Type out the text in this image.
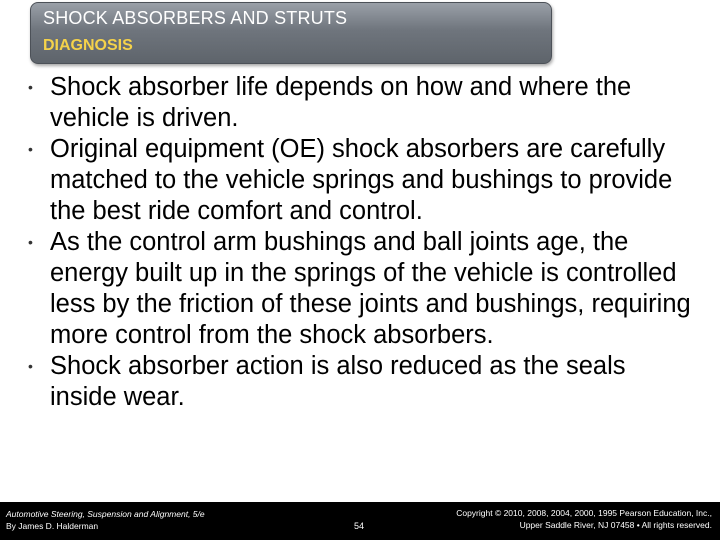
SHOCK ABSORBERS AND STRUTS
DIAGNOSIS
• Shock absorber life depends on how and where the vehicle is driven.
• Original equipment (OE) shock absorbers are carefully matched to the vehicle springs and bushings to provide the best ride comfort and control.
• As the control arm bushings and ball joints age, the energy built up in the springs of the vehicle is controlled less by the friction of these joints and bushings, requiring more control from the shock absorbers.
• Shock absorber action is also reduced as the seals inside wear.
Automotive Steering, Suspension and Alignment, 5/e
By James D. Halderman	54
Copyright © 2010, 2008, 2004, 2000, 1995 Pearson Education, Inc.,
Upper Saddle River, NJ 07458 • All rights reserved.
